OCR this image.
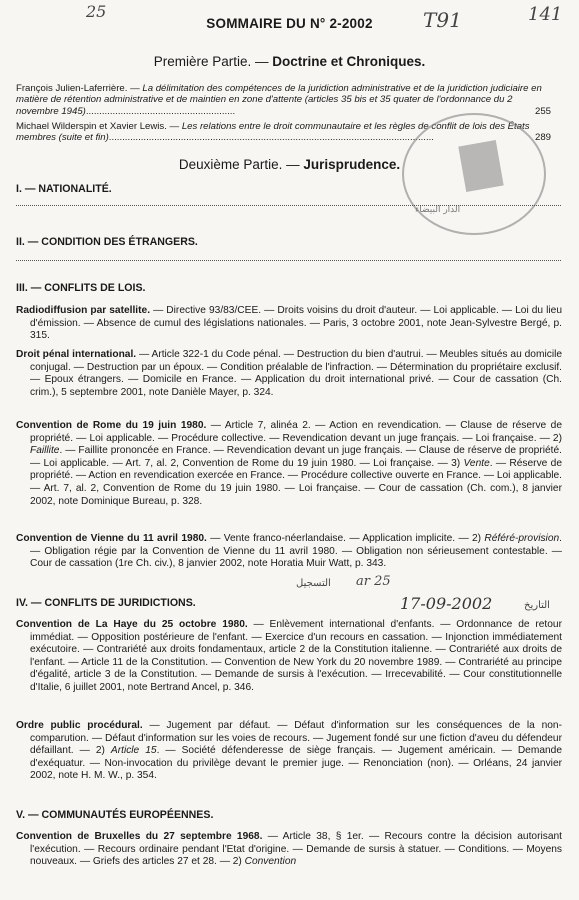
25	T91	141
SOMMAIRE DU N° 2-2002
Première Partie. — Doctrine et Chroniques.
François Julien-Laferrière. — La délimitation des compétences de la juridiction administrative et de la juridiction judiciaire en matière de rétention administrative et de maintien en zone d'attente (articles 35 bis et 35 quater de l'ordonnance du 2 novembre 1945)........................................................	255
Michael Wilderspin et Xavier Lewis. — Les relations entre le droit communautaire et les règles de conflit de lois des États membres (suite et fin)..........................................................................................................................	289
Deuxième Partie. — Jurisprudence.
الدار البيضاء
I. — NATIONALITÉ.
II. — CONDITION DES ÉTRANGERS.
III. — CONFLITS DE LOIS.

Radiodiffusion par satellite. — Directive 93/83/CEE. — Droits voisins du droit d'auteur. — Loi applicable. — Loi du lieu d'émission. — Absence de cumul des législations nationales. — Paris, 3 octobre 2001, note Jean-Sylvestre Bergé, p. 315.

Droit pénal international. — Article 322-1 du Code pénal. — Destruction du bien d'autrui. — Meubles situés au domicile conjugal. — Destruction par un époux. — Condition préalable de l'infraction. — Détermination du propriétaire exclusif. — Epoux étrangers. — Domicile en France. — Application du droit international privé. — Cour de cassation (Ch. crim.), 5 septembre 2001, note Danièle Mayer, p. 324.

Convention de Rome du 19 juin 1980. — Article 7, alinéa 2. — Action en revendication. — Clause de réserve de propriété. — Loi applicable. — Procédure collective. — Revendication devant un juge français. — Loi française. — 2) Faillite. — Faillite prononcée en France. — Revendication devant un juge français. — Clause de réserve de propriété. — Loi applicable. — Art. 7, al. 2, Convention de Rome du 19 juin 1980. — Loi française. — 3) Vente. — Réserve de propriété. — Action en revendication exercée en France. — Procédure collective ouverte en France. — Loi applicable. — Art. 7, al. 2, Convention de Rome du 19 juin 1980. — Loi française. — Cour de cassation (Ch. com.), 8 janvier 2002, note Dominique Bureau, p. 328.

Convention de Vienne du 11 avril 1980. — Vente franco-néerlandaise. — Application implicite. — 2) Référé-provision. — Obligation régie par la Convention de Vienne du 11 avril 1980. — Obligation non sérieusement contestable. — Cour de cassation (1re Ch. civ.), 8 janvier 2002, note Horatia Muir Watt, p. 343.

التسجيل ar 25
IV. — CONFLITS DE JURIDICTIONS.	17-09-2002	التاريخ

Convention de La Haye du 25 octobre 1980. — Enlèvement international d'enfants. — Ordonnance de retour immédiat. — Opposition postérieure de l'enfant. — Exercice d'un recours en cassation. — Injonction immédiatement exécutoire. — Contrariété aux droits fondamentaux, article 2 de la Constitution italienne. — Contrariété aux droits de l'enfant. — Article 11 de la Constitution. — Convention de New York du 20 novembre 1989. — Contrariété au principe d'égalité, article 3 de la Constitution. — Demande de sursis à l'exécution. — Irrecevabilité. — Cour constitutionnelle d'Italie, 6 juillet 2001, note Bertrand Ancel, p. 346.

Ordre public procédural. — Jugement par défaut. — Défaut d'information sur les conséquences de la non-comparution. — Défaut d'information sur les voies de recours. — Jugement fondé sur une fiction d'aveu du défendeur défaillant. — 2) Article 15. — Société défenderesse de siège français. — Jugement américain. — Demande d'exéquatur. — Non-invocation du privilège devant le premier juge. — Renonciation (non). — Orléans, 24 janvier 2002, note H. M. W., p. 354.

V. — COMMUNAUTÉS EUROPÉENNES.

Convention de Bruxelles du 27 septembre 1968. — Article 38, § 1er. — Recours contre la décision autorisant l'exécution. — Recours ordinaire pendant l'Etat d'origine. — Demande de sursis à statuer. — Conditions. — Moyens nouveaux. — Griefs des articles 27 et 28. — 2) Convention
